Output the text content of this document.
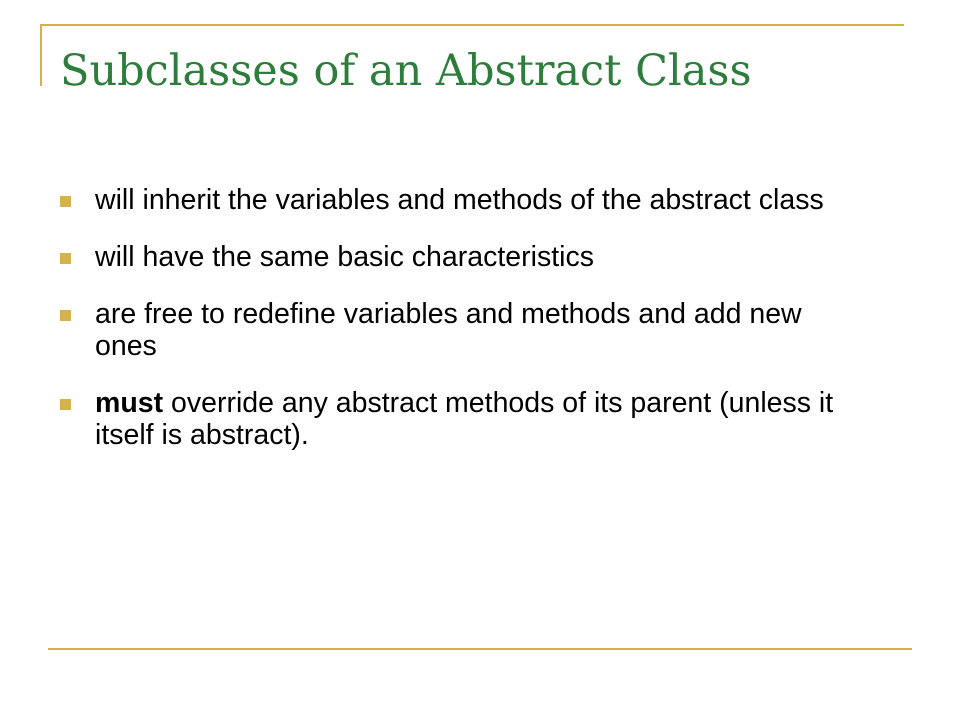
Subclasses of an Abstract Class
will inherit the variables and methods of the abstract class
will have the same basic characteristics
are free to redefine variables and methods and add new ones
must override any abstract methods of its parent (unless it itself is abstract).
